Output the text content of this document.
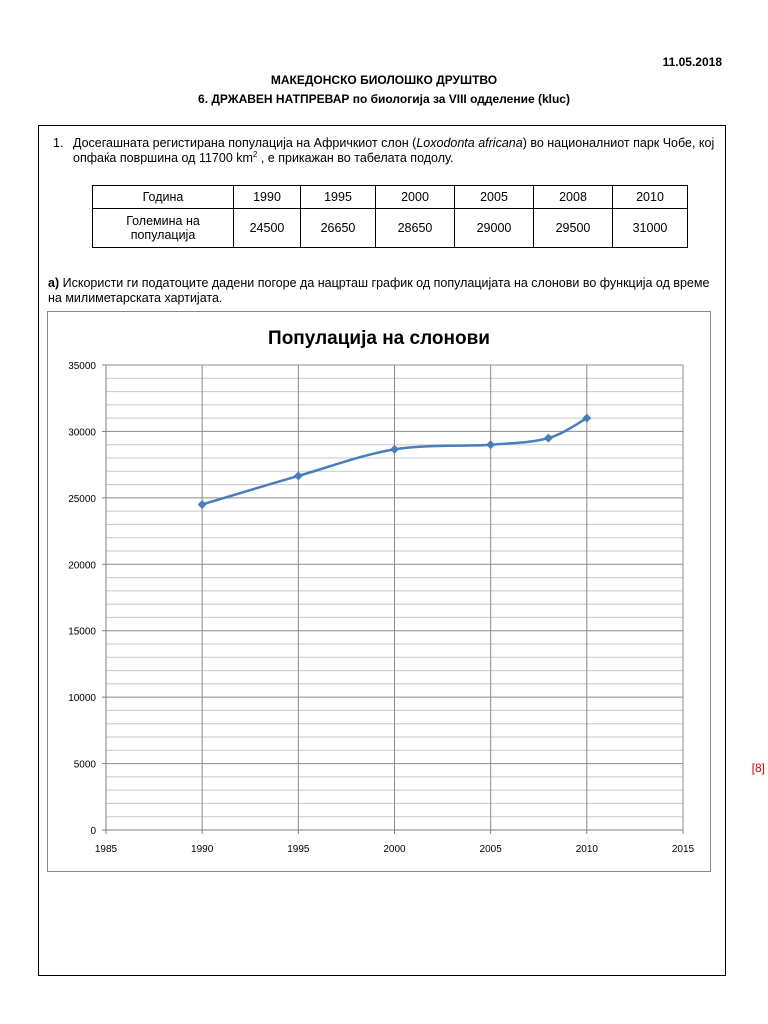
11.05.2018
МАКЕДОНСКО БИОЛОШКО ДРУШТВО
6. ДРЖАВЕН НАТПРЕВАР по биологија за VIII одделение (kluc)
1. Досегашната регистирана популација на Афричкиот слон (Loxodonta africana) во националниот парк Чобе, кој опфаќа површина од 11700 $km^2$ , е прикажан во табелата подолу.
Година	1990	1995	2000	2005	2008	2010
Големина на популација	24500	26650	28650	29000	29500	31000
а) Искористи ги податоците дадени погоре да нацрташ график од популацијата на слонови во функција од време на милиметарската хартијата.
Популација на слонови
0
5000
10000
15000
20000
25000
30000
35000
1985	1990	1995	2000	2005	2010	2015
[8]
